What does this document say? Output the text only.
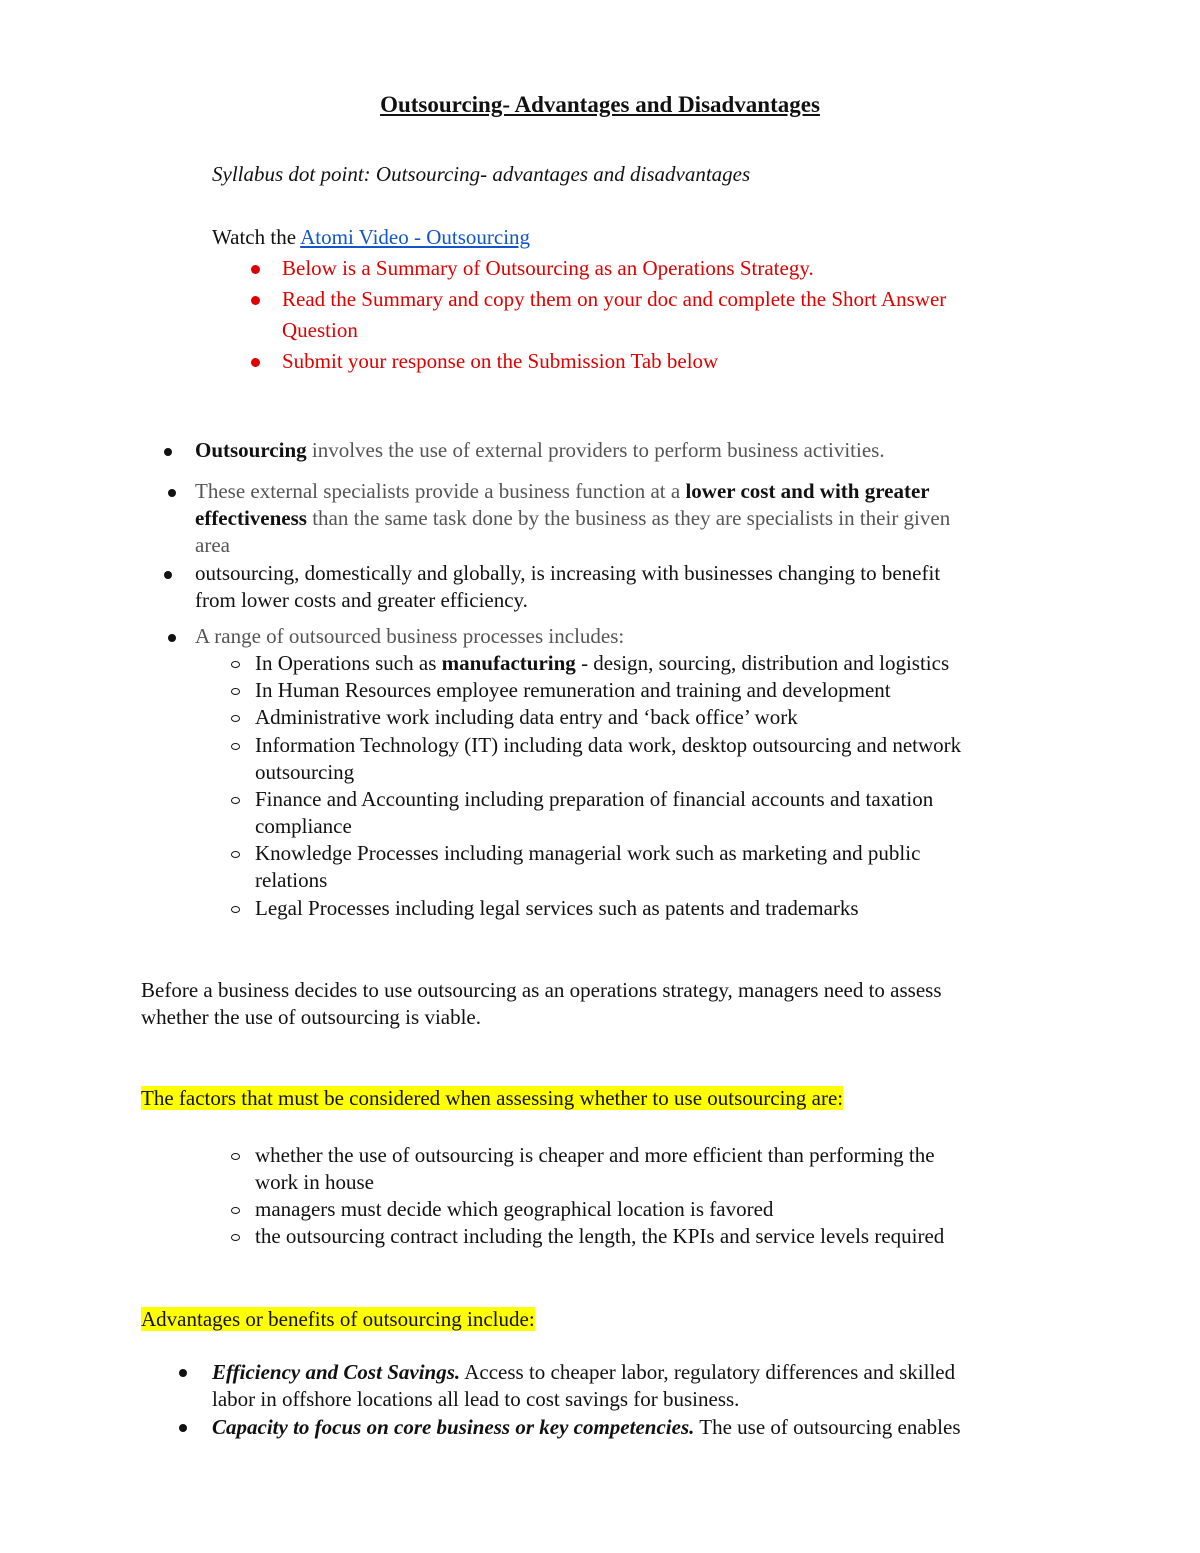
Outsourcing- Advantages and Disadvantages
Syllabus dot point: Outsourcing- advantages and disadvantages
Watch the Atomi Video - Outsourcing
Below is a Summary of Outsourcing as an Operations Strategy.
Read the Summary and copy them on your doc and complete the Short Answer
Question
Submit your response on the Submission Tab below
Outsourcing involves the use of external providers to perform business activities.
These external specialists provide a business function at a lower cost and with greater
effectiveness than the same task done by the business as they are specialists in their given
area
outsourcing, domestically and globally, is increasing with businesses changing to benefit
from lower costs and greater efficiency.
A range of outsourced business processes includes:
In Operations such as manufacturing - design, sourcing, distribution and logistics
In Human Resources employee remuneration and training and development
Administrative work including data entry and ‘back office’ work
Information Technology (IT) including data work, desktop outsourcing and network
outsourcing
Finance and Accounting including preparation of financial accounts and taxation
compliance
Knowledge Processes including managerial work such as marketing and public
relations
Legal Processes including legal services such as patents and trademarks
Before a business decides to use outsourcing as an operations strategy, managers need to assess
whether the use of outsourcing is viable.
The factors that must be considered when assessing whether to use outsourcing are:
whether the use of outsourcing is cheaper and more efficient than performing the
work in house
managers must decide which geographical location is favored
the outsourcing contract including the length, the KPIs and service levels required
Advantages or benefits of outsourcing include:
Efficiency and Cost Savings. Access to cheaper labor, regulatory differences and skilled
labor in offshore locations all lead to cost savings for business.
Capacity to focus on core business or key competencies. The use of outsourcing enables
